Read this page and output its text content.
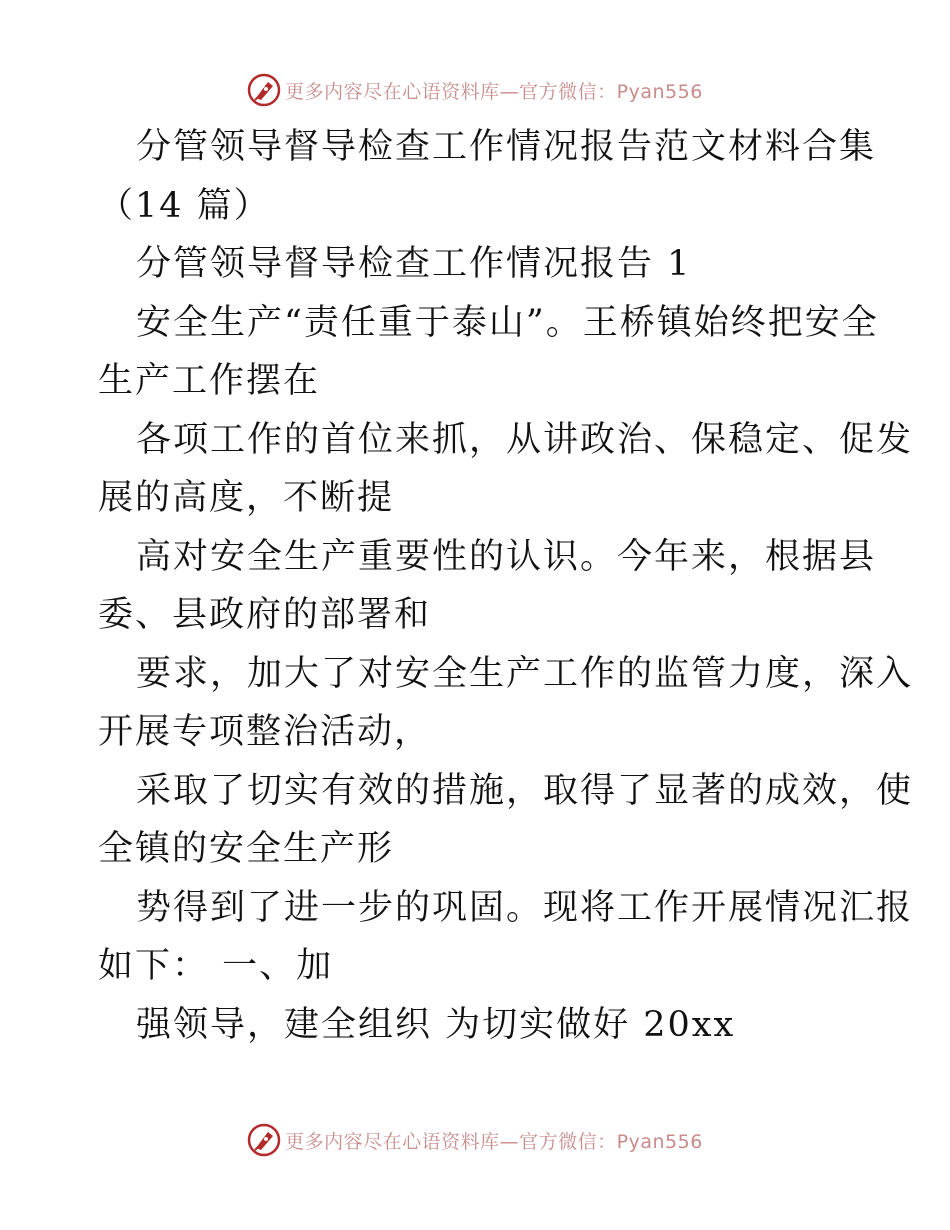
更多内容尽在心语资料库—官方微信：Pyan556
分管领导督导检查工作情况报告范文材料合集
（14 篇）
分管领导督导检查工作情况报告 1
安全生产“责任重于泰山”。王桥镇始终把安全
生产工作摆在
各项工作的首位来抓，从讲政治、保稳定、促发
展的高度，不断提
高对安全生产重要性的认识。今年来，根据县
委、县政府的部署和
要求，加大了对安全生产工作的监管力度，深入
开展专项整治活动，
采取了切实有效的措施，取得了显著的成效，使
全镇的安全生产形
势得到了进一步的巩固。现将工作开展情况汇报
如下： 一、加
强领导，建全组织 为切实做好 20xx
更多内容尽在心语资料库—官方微信：Pyan556
